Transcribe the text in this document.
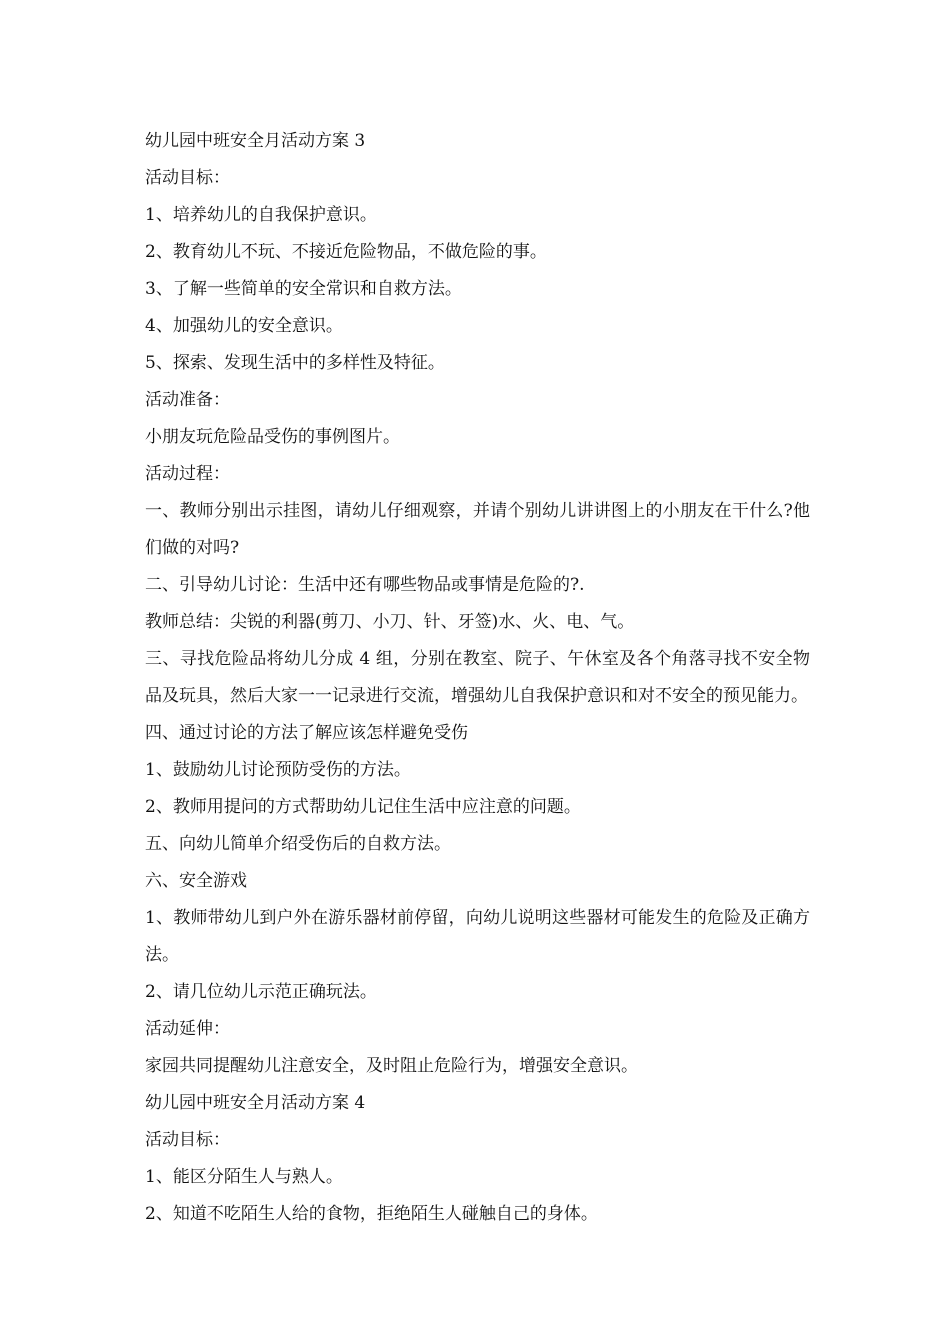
幼儿园中班安全月活动方案 3
活动目标：
1、培养幼儿的自我保护意识。
2、教育幼儿不玩、不接近危险物品，不做危险的事。
3、了解一些简单的安全常识和自救方法。
4、加强幼儿的安全意识。
5、探索、发现生活中的多样性及特征。
活动准备：
小朋友玩危险品受伤的事例图片。
活动过程：
一、教师分别出示挂图，请幼儿仔细观察，并请个别幼儿讲讲图上的小朋友在干什么?他们做的对吗?
二、引导幼儿讨论：生活中还有哪些物品或事情是危险的?.
教师总结：尖锐的利器(剪刀、小刀、针、牙签)水、火、电、气。
三、寻找危险品将幼儿分成 4 组，分别在教室、院子、午休室及各个角落寻找不安全物品及玩具，然后大家一一记录进行交流，增强幼儿自我保护意识和对不安全的预见能力。
四、通过讨论的方法了解应该怎样避免受伤
1、鼓励幼儿讨论预防受伤的方法。
2、教师用提问的方式帮助幼儿记住生活中应注意的问题。
五、向幼儿简单介绍受伤后的自救方法。
六、安全游戏
1、教师带幼儿到户外在游乐器材前停留，向幼儿说明这些器材可能发生的危险及正确方法。
2、请几位幼儿示范正确玩法。
活动延伸：
家园共同提醒幼儿注意安全，及时阻止危险行为，增强安全意识。
幼儿园中班安全月活动方案 4
活动目标：
1、能区分陌生人与熟人。
2、知道不吃陌生人给的食物，拒绝陌生人碰触自己的身体。
